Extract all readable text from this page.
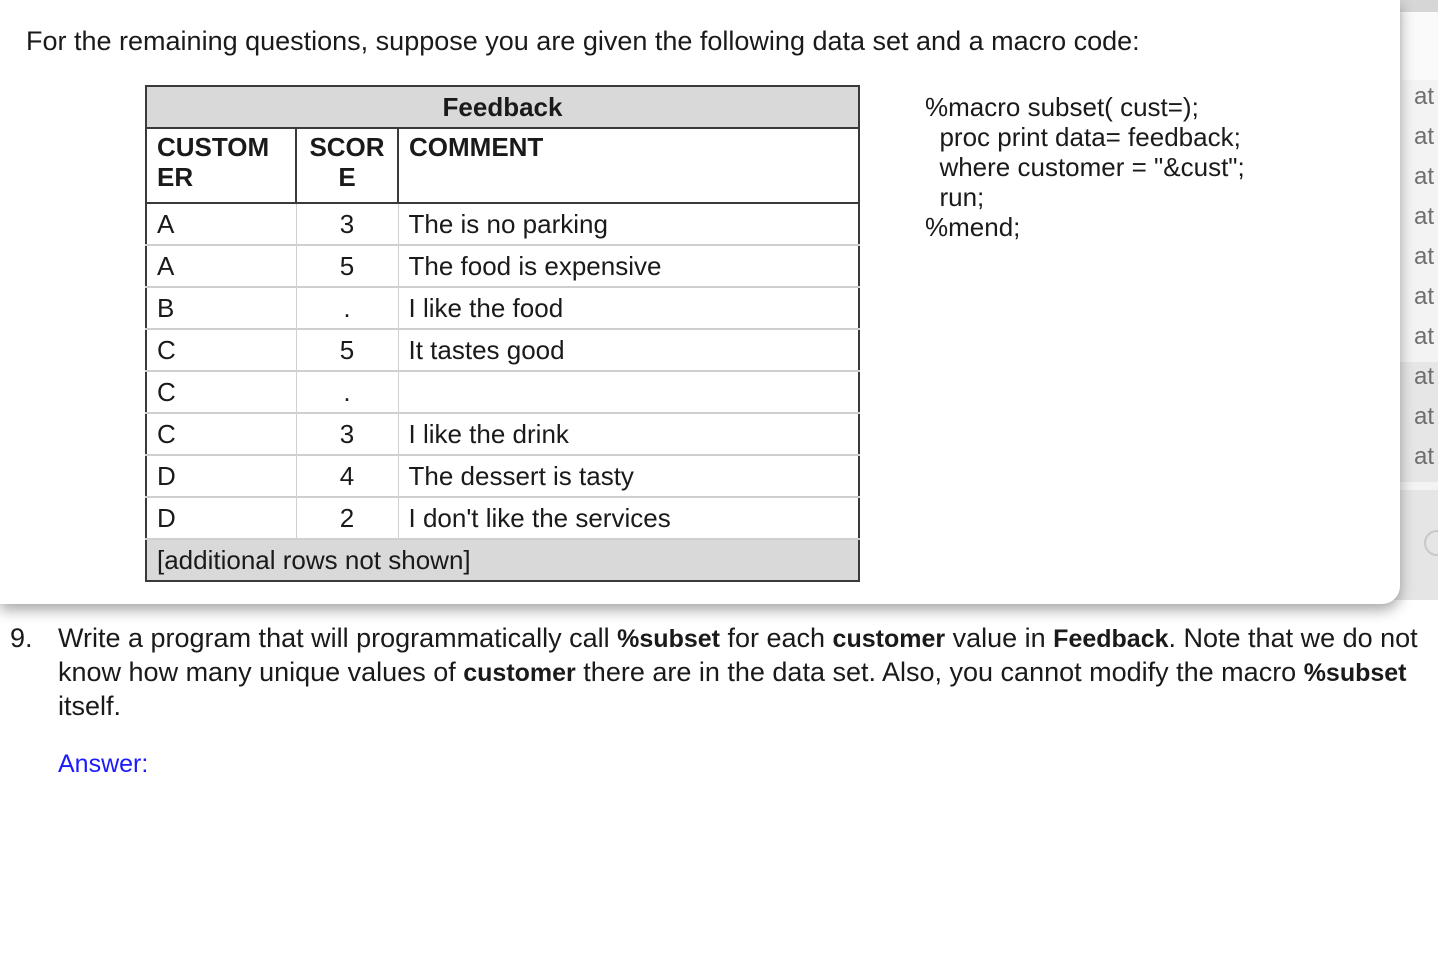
at
at
at
at
at
at
at
at
at
at
For the remaining questions, suppose you are given the following data set and a macro code:
Feedback		
CUSTOM ER	SCOR E	COMMENT
A	3	The is no parking
A	5	The food is expensive
B	.	I like the food
C	5	It tastes good
C	.	
C	3	I like the drink
D	4	The dessert is tasty
D	2	I don't like the services
[additional rows not shown]		
%macro subset( cust=);
proc print data= feedback;
where customer = "&cust";
run;
%mend;
9. Write a program that will programmatically call %subset for each customer value in Feedback. Note that we do not know how many unique values of customer there are in the data set. Also, you cannot modify the macro %subset itself.
Answer:
